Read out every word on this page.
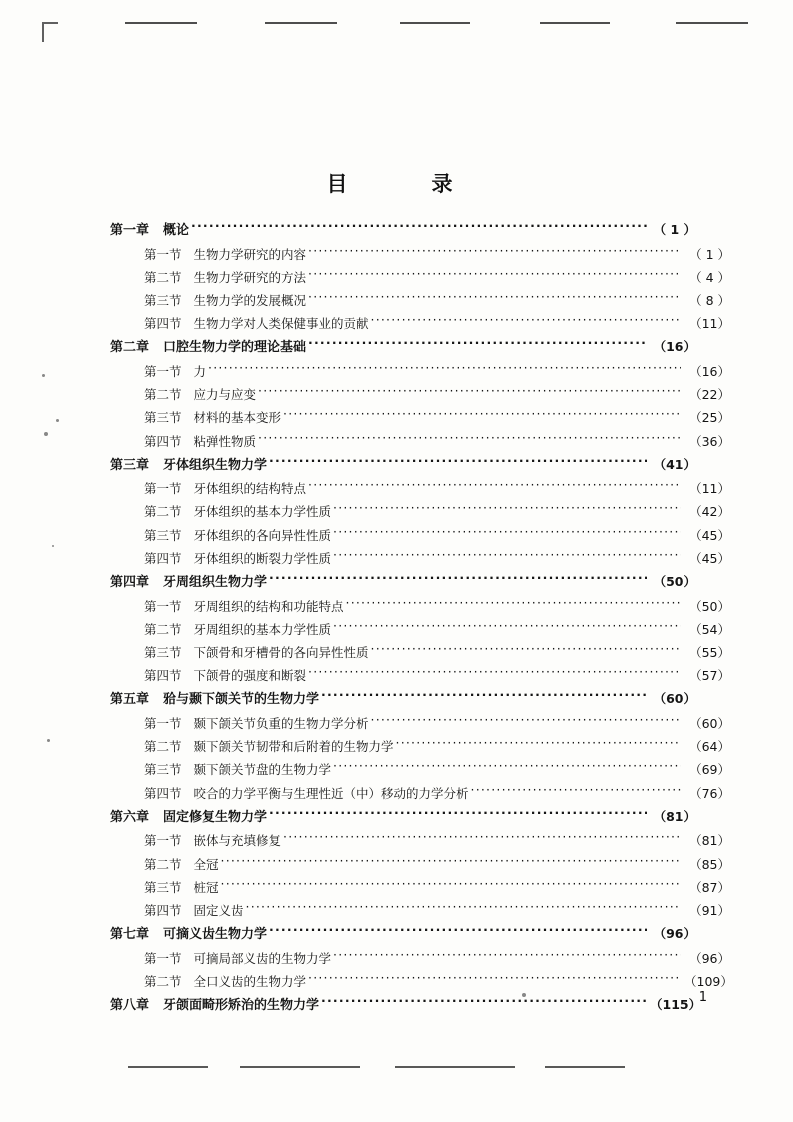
目　　录
第一章 概论 ·····	（ 1 ）
第一节 生物力学研究的内容 ·····	（ 1 ）
第二节 生物力学研究的方法 ·····	（ 4 ）
第三节 生物力学的发展概况 ·····	（ 8 ）
第四节 生物力学对人类保健事业的贡献 ·····	（11）
第二章 口腔生物力学的理论基础 ·····	（16）
第一节 力 ·····	（16）
第二节 应力与应变 ·····	（22）
第三节 材料的基本变形 ·····	（25）
第四节 粘弹性物质 ·····	（36）
第三章 牙体组织生物力学 ·····	（41）
第一节 牙体组织的结构特点 ·····	（11）
第二节 牙体组织的基本力学性质 ·····	（42）
第三节 牙体组织的各向异性性质 ·····	（45）
第四节 牙体组织的断裂力学性质 ·····	（45）
第四章 牙周组织生物力学 ·····	（50）
第一节 牙周组织的结构和功能特点 ·····	（50）
第二节 牙周组织的基本力学性质 ·····	（54）
第三节 下颌骨和牙槽骨的各向异性性质 ·····	（55）
第四节 下颌骨的强度和断裂 ·····	（57）
第五章 𬌗与颞下颌关节的生物力学 ·····	（60）
第一节 颞下颌关节负重的生物力学分析 ·····	（60）
第二节 颞下颌关节韧带和后附着的生物力学 ·····	（64）
第三节 颞下颌关节盘的生物力学 ·····	（69）
第四节 咬合的力学平衡与生理性近（中）移动的力学分析 ·····	（76）
第六章 固定修复生物力学 ·····	（81）
第一节 嵌体与充填修复 ·····	（81）
第二节 全冠 ·····	（85）
第三节 桩冠 ·····	（87）
第四节 固定义齿 ·····	（91）
第七章 可摘义齿生物力学 ·····	（96）
第一节 可摘局部义齿的生物力学 ·····	（96）
第二节 全口义齿的生物力学 ·····	（109）
第八章 牙颌面畸形矫治的生物力学 ·····	（115）
1
